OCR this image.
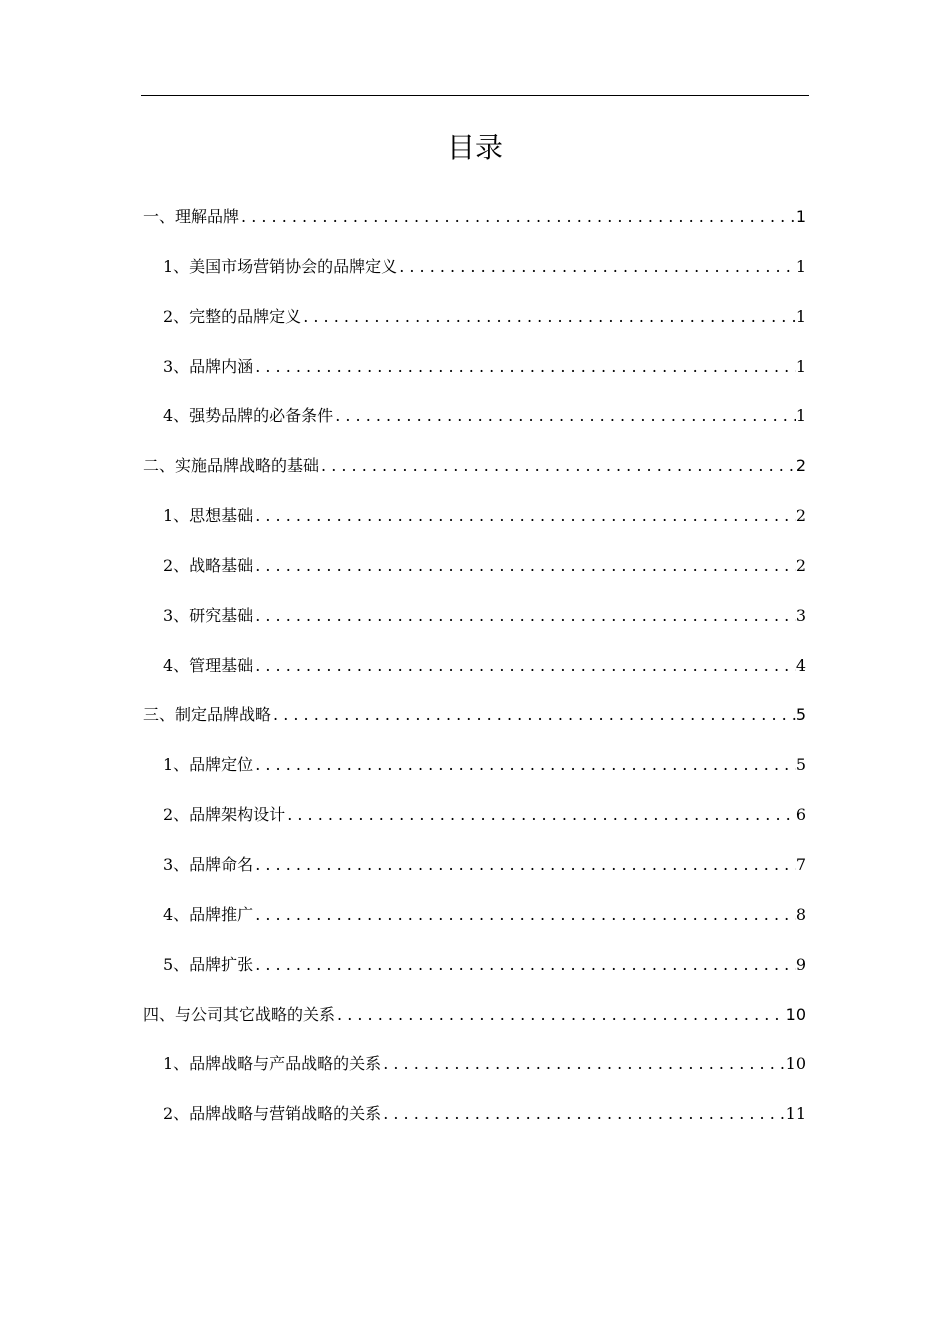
目录
一、理解品牌 . . .	1
1、美国市场营销协会的品牌定义 . . .	1
2、完整的品牌定义 . . .	1
3、品牌内涵 . . .	1
4、强势品牌的必备条件 . . .	1
二、实施品牌战略的基础 . . .	2
1、思想基础 . . .	2
2、战略基础 . . .	2
3、研究基础 . . .	3
4、管理基础 . . .	4
三、制定品牌战略 . . .	5
1、品牌定位 . . .	5
2、品牌架构设计 . . .	6
3、品牌命名 . . .	7
4、品牌推广 . . .	8
5、品牌扩张 . . .	9
四、与公司其它战略的关系 . . .	10
1、品牌战略与产品战略的关系 . . .	10
2、品牌战略与营销战略的关系 . . .	11
